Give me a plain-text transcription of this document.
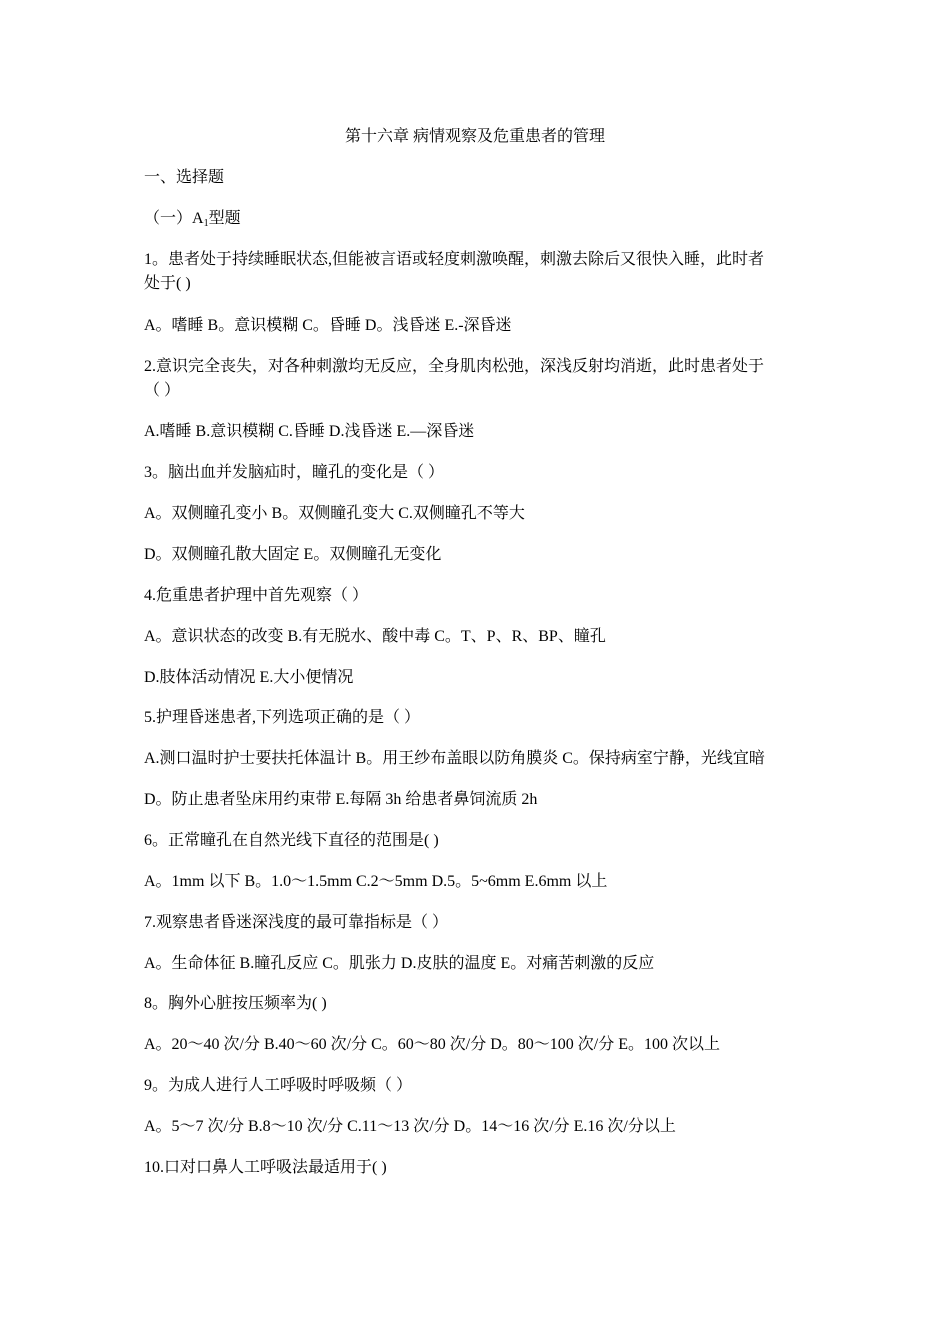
第十六章 病情观察及危重患者的管理
一、选择题
（一）$A_1$型题
1。患者处于持续睡眠状态,但能被言语或轻度刺激唤醒，刺激去除后又很快入睡，此时者
处于( )
A。嗜睡 B。意识模糊 C。昏睡 D。浅昏迷 E.-深昏迷
2.意识完全丧失，对各种刺激均无反应，全身肌肉松弛，深浅反射均消逝，此时患者处于
（ ）
A.嗜睡 B.意识模糊 C.昏睡 D.浅昏迷 E.—深昏迷
3。脑出血并发脑疝时，瞳孔的变化是（ ）
A。双侧瞳孔变小 B。双侧瞳孔变大 C.双侧瞳孔不等大
D。双侧瞳孔散大固定 E。双侧瞳孔无变化
4.危重患者护理中首先观察（ ）
A。意识状态的改变 B.有无脱水、酸中毒 C。T、P、R、BP、瞳孔
D.肢体活动情况 E.大小便情况
5.护理昏迷患者,下列选项正确的是（ ）
A.测口温时护士要扶托体温计 B。用王纱布盖眼以防角膜炎 C。保持病室宁静，光线宜暗
D。防止患者坠床用约束带 E.每隔 3h 给患者鼻饲流质 2h
6。正常瞳孔在自然光线下直径的范围是( )
A。1mm 以下 B。1.0～1.5mm C.2～5mm D.5。5~6mm E.6mm 以上
7.观察患者昏迷深浅度的最可靠指标是（ ）
A。生命体征 B.瞳孔反应 C。肌张力 D.皮肤的温度 E。对痛苦刺激的反应
8。胸外心脏按压频率为( )
A。20～40 次/分 B.40～60 次/分 C。60～80 次/分 D。80～100 次/分 E。100 次以上
9。为成人进行人工呼吸时呼吸频（ ）
A。5～7 次/分 B.8～10 次/分 C.11～13 次/分 D。14～16 次/分 E.16 次/分以上
10.口对口鼻人工呼吸法最适用于( )
